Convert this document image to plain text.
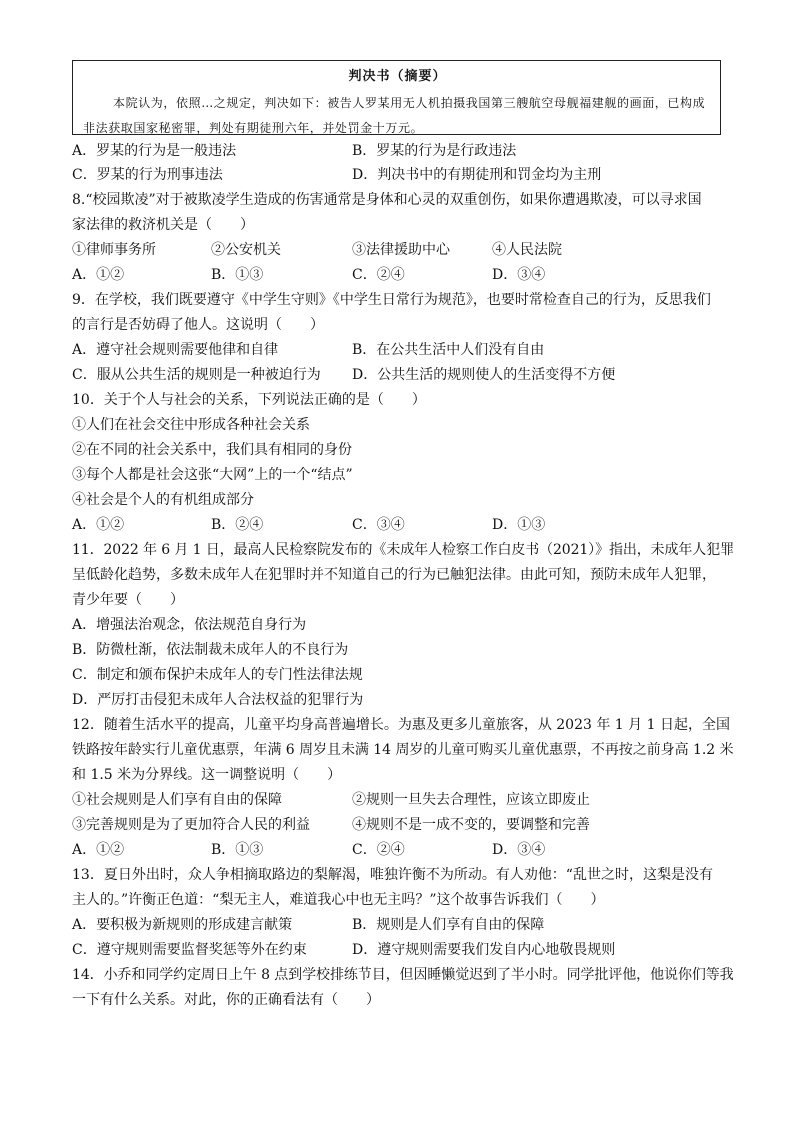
判决书（摘要）
本院认为，依照…之规定，判决如下：被告人罗某用无人机拍摄我国第三艘航空母舰福建舰的画面，已构成非法获取国家秘密罪，判处有期徒刑六年，并处罚金十万元。
A．罗某的行为是一般违法	B．罗某的行为是行政违法
C．罗某的行为刑事违法	D．判决书中的有期徒刑和罚金均为主刑
8.“校园欺凌”对于被欺凌学生造成的伤害通常是身体和心灵的双重创伤，如果你遭遇欺凌，可以寻求国
家法律的救济机关是（　　）
①律师事务所	②公安机关	③法律援助中心	④人民法院
A．①②	B．①③	C．②④	D．③④
9．在学校，我们既要遵守《中学生守则》《中学生日常行为规范》，也要时常检查自己的行为，反思我们
的言行是否妨碍了他人。这说明（　　）
A．遵守社会规则需要他律和自律	B．在公共生活中人们没有自由
C．服从公共生活的规则是一种被迫行为 D．公共生活的规则使人的生活变得不方便
10．关于个人与社会的关系，下列说法正确的是（　　）
①人们在社会交往中形成各种社会关系
②在不同的社会关系中，我们具有相同的身份
③每个人都是社会这张“大网”上的一个“结点”
④社会是个人的有机组成部分
A．①②	B．②④	C．③④	D．①③
11．2022 年 6 月 1 日，最高人民检察院发布的《未成年人检察工作白皮书（2021）》指出，未成年人犯罪
呈低龄化趋势，多数未成年人在犯罪时并不知道自己的行为已触犯法律。由此可知，预防未成年人犯罪，
青少年要（　　）
A．增强法治观念，依法规范自身行为
B．防微杜渐，依法制裁未成年人的不良行为
C．制定和颁布保护未成年人的专门性法律法规
D．严厉打击侵犯未成年人合法权益的犯罪行为
12．随着生活水平的提高，儿童平均身高普遍增长。为惠及更多儿童旅客，从 2023 年 1 月 1 日起，全国
铁路按年龄实行儿童优惠票，年满 6 周岁且未满 14 周岁的儿童可购买儿童优惠票，不再按之前身高 1.2 米
和 1.5 米为分界线。这一调整说明（　　）
①社会规则是人们享有自由的保障	②规则一旦失去合理性，应该立即废止
③完善规则是为了更加符合人民的利益	④规则不是一成不变的，要调整和完善
A．①②	B．①③	C．②④	D．③④
13．夏日外出时，众人争相摘取路边的梨解渴，唯独许衡不为所动。有人劝他：“乱世之时，这梨是没有
主人的。”许衡正色道：“梨无主人，难道我心中也无主吗？”这个故事告诉我们（　　）
A．要积极为新规则的形成建言献策	B．规则是人们享有自由的保障
C．遵守规则需要监督奖惩等外在约束	D．遵守规则需要我们发自内心地敬畏规则
14．小乔和同学约定周日上午 8 点到学校排练节目，但因睡懒觉迟到了半小时。同学批评他，他说你们等我
一下有什么关系。对此，你的正确看法有（　　）
